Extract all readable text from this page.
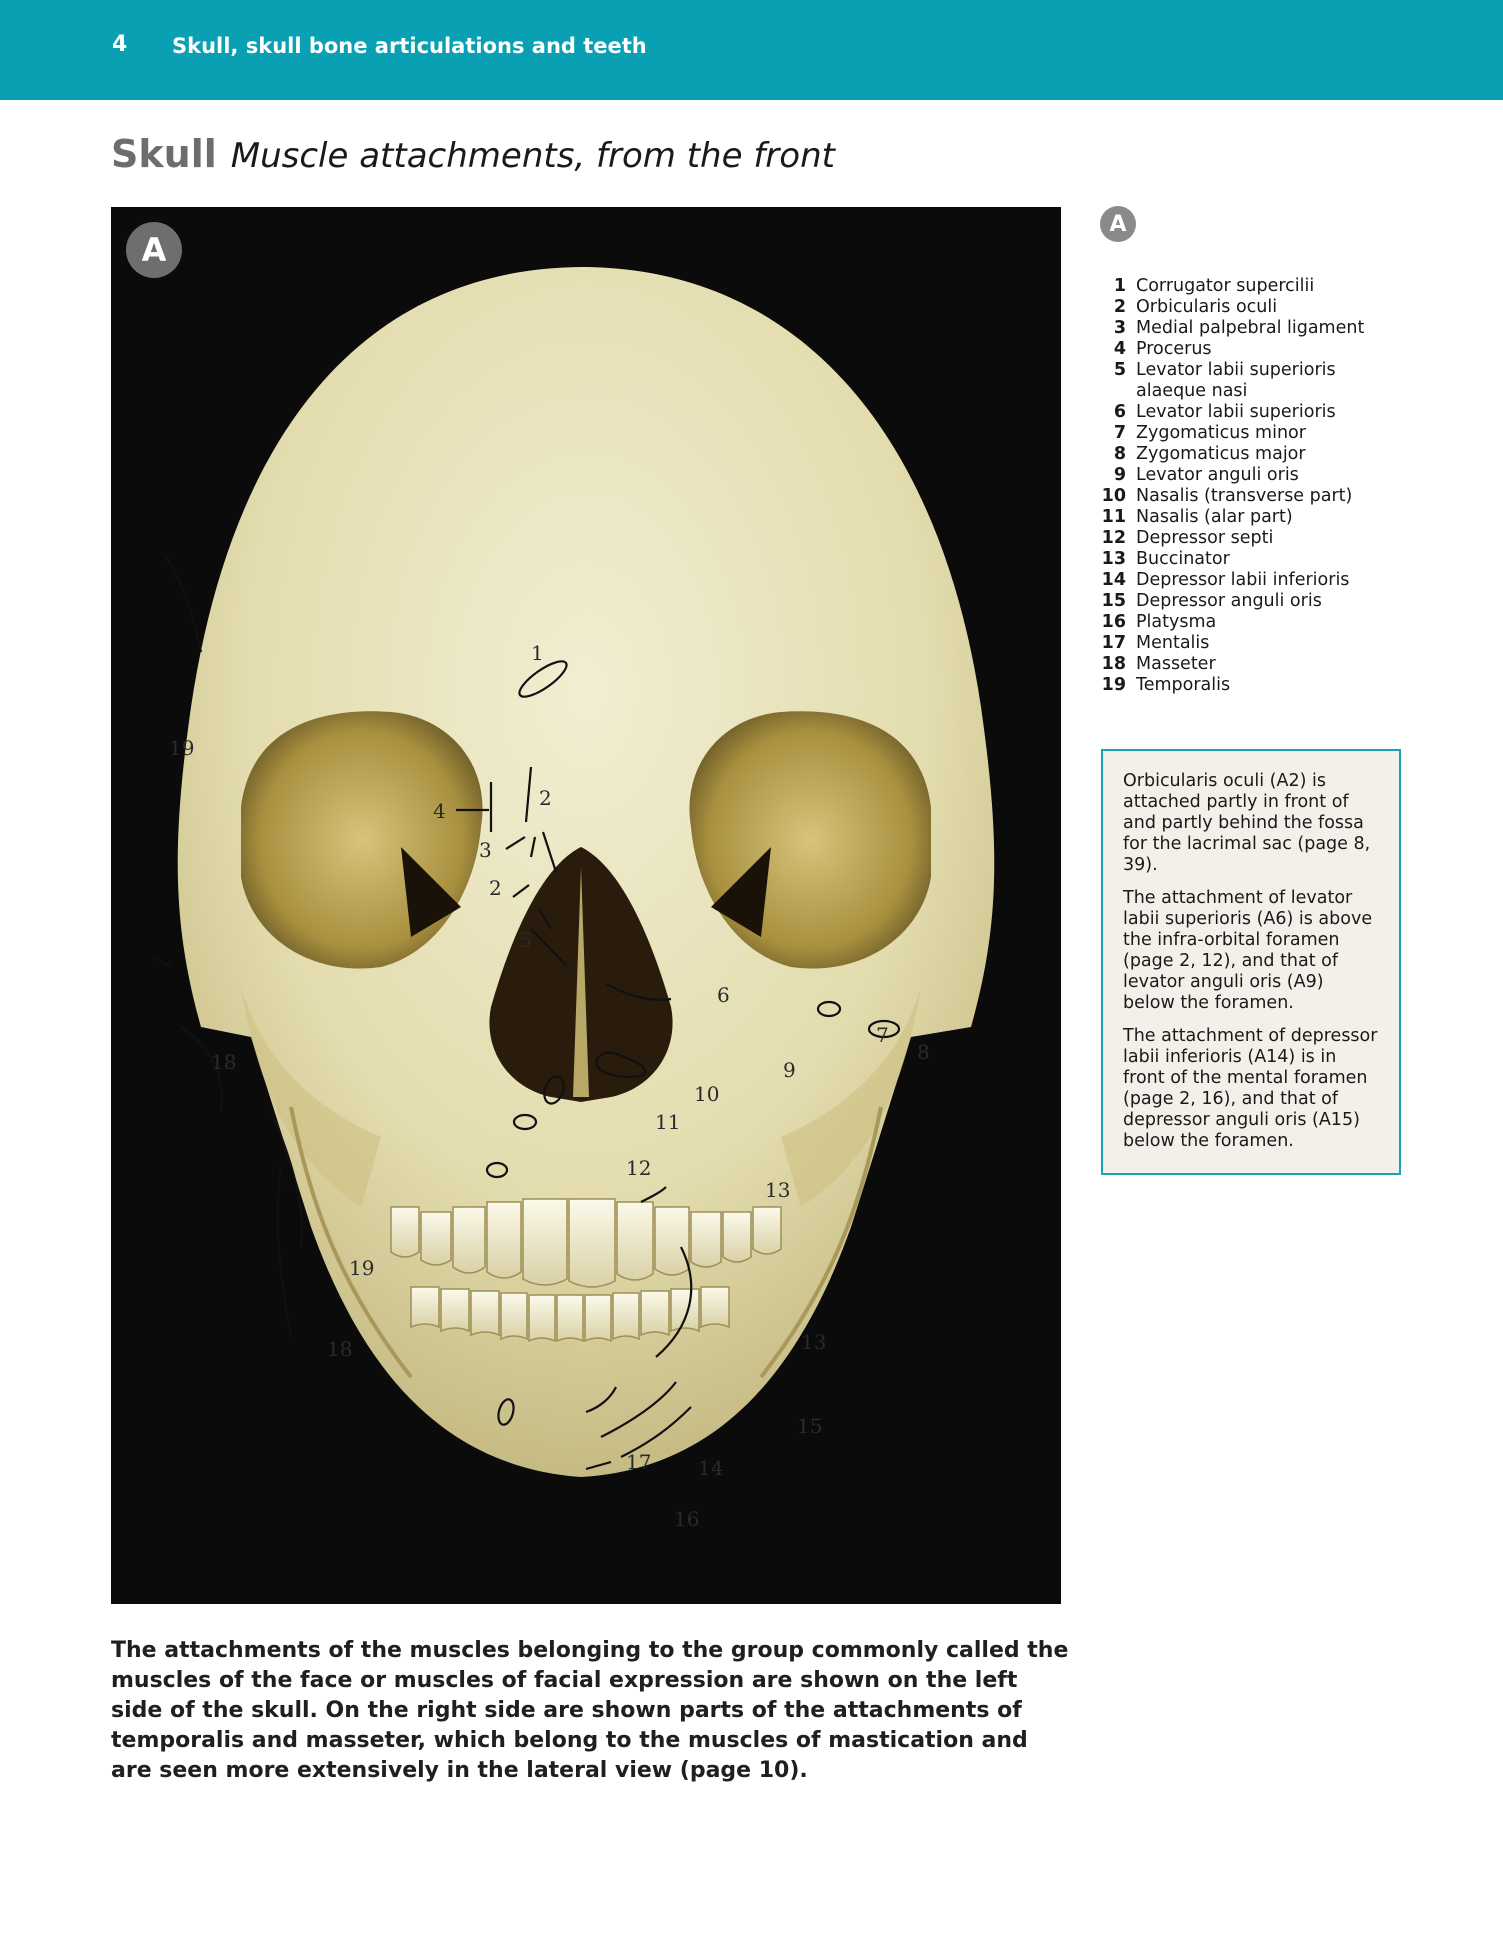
4 Skull, skull bone articulations and teeth
Skull Muscle attachments, from the front
1
2
2
3
4
5
6
7
8
9
10
11
12
13
13
14
15
16
17
18
18
19
19
A
A
1 Corrugator supercilii
2 Orbicularis oculi
3 Medial palpebral ligament
4 Procerus
5 Levator labii superioris
alaeque nasi
6 Levator labii superioris
7 Zygomaticus minor
8 Zygomaticus major
9 Levator anguli oris
10 Nasalis (transverse part)
11 Nasalis (alar part)
12 Depressor septi
13 Buccinator
14 Depressor labii inferioris
15 Depressor anguli oris
16 Platysma
17 Mentalis
18 Masseter
19 Temporalis

Orbicularis oculi (A2) is attached partly in front of and partly behind the fossa for the lacrimal sac (page 8, 39).

The attachment of levator labii superioris (A6) is above the infra-orbital foramen (page 2, 12), and that of levator anguli oris (A9) below the foramen.

The attachment of depressor labii inferioris (A14) is in front of the mental foramen (page 2, 16), and that of depressor anguli oris (A15) below the foramen.

The attachments of the muscles belonging to the group commonly called the muscles of the face or muscles of facial expression are shown on the left side of the skull. On the right side are shown parts of the attachments of temporalis and masseter, which belong to the muscles of mastication and are seen more extensively in the lateral view (page 10).
